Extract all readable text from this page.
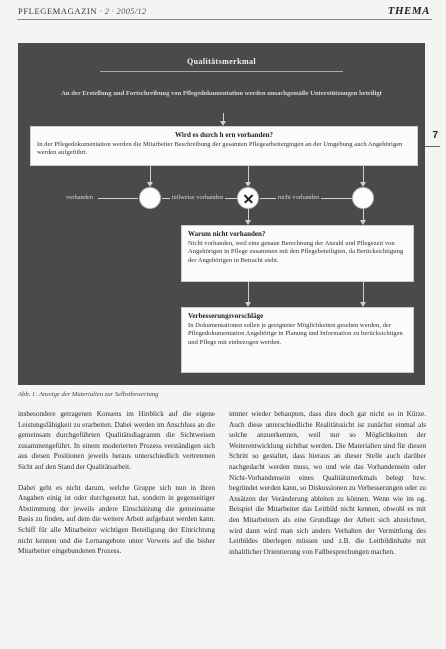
PFLEGEMAGAZIN · 2 · 2005/12	THEMA
7
Qualitätsmerkmal
An der Erstellung und Fortschreibung von Pflegedokumentation werden unsachgemäße Unterstützungen beteiligt
Wird es durch h ern vorhanden?
In der Pflegedokumentation werden die Mitarbeiter Beschreibung der gesamten Pflegearbeitergingen an der Umgebung auch Angehörigen werden aufgeführt.
vorhanden	teilweise vorhanden	nicht vorhanden
Warum nicht vorhanden?
Nicht vorhanden, weil eine genaue Berechnung der Anzahl und Pflegezeit von Angehörigen in Pflege zusammen mit den Pflegebeteiligten, da Berücksichtigung der Angehörigen in Betracht sieht.
Verbesserungsvorschläge
In Dokumentationen sollen je geeigneter Möglichkeiten gesehen werden, der Pflegedokumentation Angehörige in Planung und Information zu berücksichtigen und Pflege mit einbezogen werden.
Abb. 1: Anzeige der Materialien zur Selbstbewertung

insbesondere getragenen Konsens im Hinblick auf die eigene Leistungsfähigkeit zu erarbeiten. Dabei werden im Anschluss an die gemeinsam durchgeführten Qualitätsdiagramm die Sichtweisen zusammengeführt. In einem moderierten Prozess verständigen sich aus diesen Positionen jeweils heraus unterschiedlich vertretenen Sicht auf den Stand der Qualitätsarbeit.

Dabei geht es nicht darum, welche Gruppe sich nun in ihren Angaben einig ist oder durchgesetzt hat, sondern in gegenseitiger Abstimmung der jeweils andere Einschätzung die gemeinsame Basis zu finden, auf dem die weitere Arbeit aufgebaut werden kann. Schiff für alle Mitarbeiter wichtigen Beteiligung der Einrichtung nicht kennen und die Lernangebote unter Verweis auf die bisher Mitarbeiter eingebundenen Prozess.

immer wieder behaupten, dass dies doch gar nicht so in Kürze. Auch diese unterschiedliche Realitätssicht ist zunächst einmal als solche anzuerkennen, weil nur so Möglichkeiten der Weiterentwicklung sichtbar werden. Die Materialien sind für diesen Schritt so gestaltet, dass hieraus an dieser Stelle auch darüber nachgedacht werden muss, wo und wie das Vorhandensein oder Nicht-Vorhandensein eines Qualitätsmerkmals belegt bzw. begründet werden kann, so Diskussionen zu Verbesserungen oder zu Ansätzen der Veränderung ableiten zu können. Wenn wie im og. Beispiel die Mitarbeiter das Leitbild nicht kennen, obwohl es mit den Mitarbeitern als eine Grundlage der Arbeit sich abzeichnet, wird dann wird man sich anders Verhalten der Vermittlung des Leitbildes überlegen müssen und z.B. die Leitbildinhalte mit inhaltlicher Orientierung von Fallbesprechungen machen.
